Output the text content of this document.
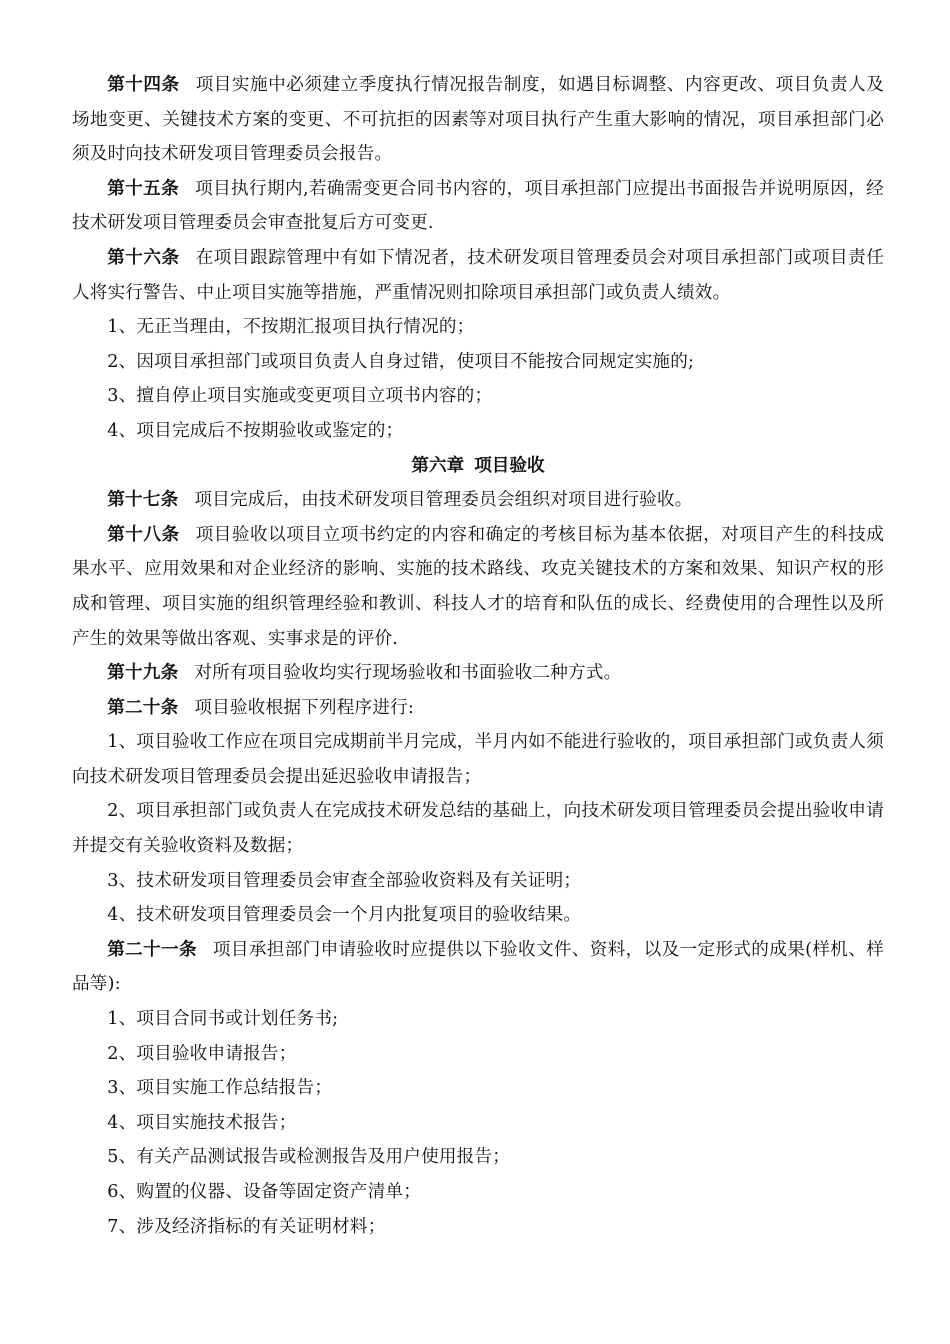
第十四条 项目实施中必须建立季度执行情况报告制度，如遇目标调整、内容更改、项目负责人及场地变更、关键技术方案的变更、不可抗拒的因素等对项目执行产生重大影响的情况，项目承担部门必须及时向技术研发项目管理委员会报告。

第十五条 项目执行期内,若确需变更合同书内容的，项目承担部门应提出书面报告并说明原因，经技术研发项目管理委员会审查批复后方可变更.

第十六条 在项目跟踪管理中有如下情况者，技术研发项目管理委员会对项目承担部门或项目责任人将实行警告、中止项目实施等措施，严重情况则扣除项目承担部门或负责人绩效。

1、无正当理由，不按期汇报项目执行情况的；

2、因项目承担部门或项目负责人自身过错，使项目不能按合同规定实施的;

3、擅自停止项目实施或变更项目立项书内容的；

4、项目完成后不按期验收或鉴定的；

第六章 项目验收

第十七条 项目完成后，由技术研发项目管理委员会组织对项目进行验收。

第十八条 项目验收以项目立项书约定的内容和确定的考核目标为基本依据，对项目产生的科技成果水平、应用效果和对企业经济的影响、实施的技术路线、攻克关键技术的方案和效果、知识产权的形成和管理、项目实施的组织管理经验和教训、科技人才的培育和队伍的成长、经费使用的合理性以及所产生的效果等做出客观、实事求是的评价.

第十九条 对所有项目验收均实行现场验收和书面验收二种方式。

第二十条 项目验收根据下列程序进行:

1、项目验收工作应在项目完成期前半月完成，半月内如不能进行验收的，项目承担部门或负责人须向技术研发项目管理委员会提出延迟验收申请报告；

2、项目承担部门或负责人在完成技术研发总结的基础上，向技术研发项目管理委员会提出验收申请并提交有关验收资料及数据；

3、技术研发项目管理委员会审查全部验收资料及有关证明；

4、技术研发项目管理委员会一个月内批复项目的验收结果。

第二十一条 项目承担部门申请验收时应提供以下验收文件、资料，以及一定形式的成果(样机、样品等):

1、项目合同书或计划任务书;

2、项目验收申请报告；

3、项目实施工作总结报告；

4、项目实施技术报告；

5、有关产品测试报告或检测报告及用户使用报告；

6、购置的仪器、设备等固定资产清单；

7、涉及经济指标的有关证明材料；
